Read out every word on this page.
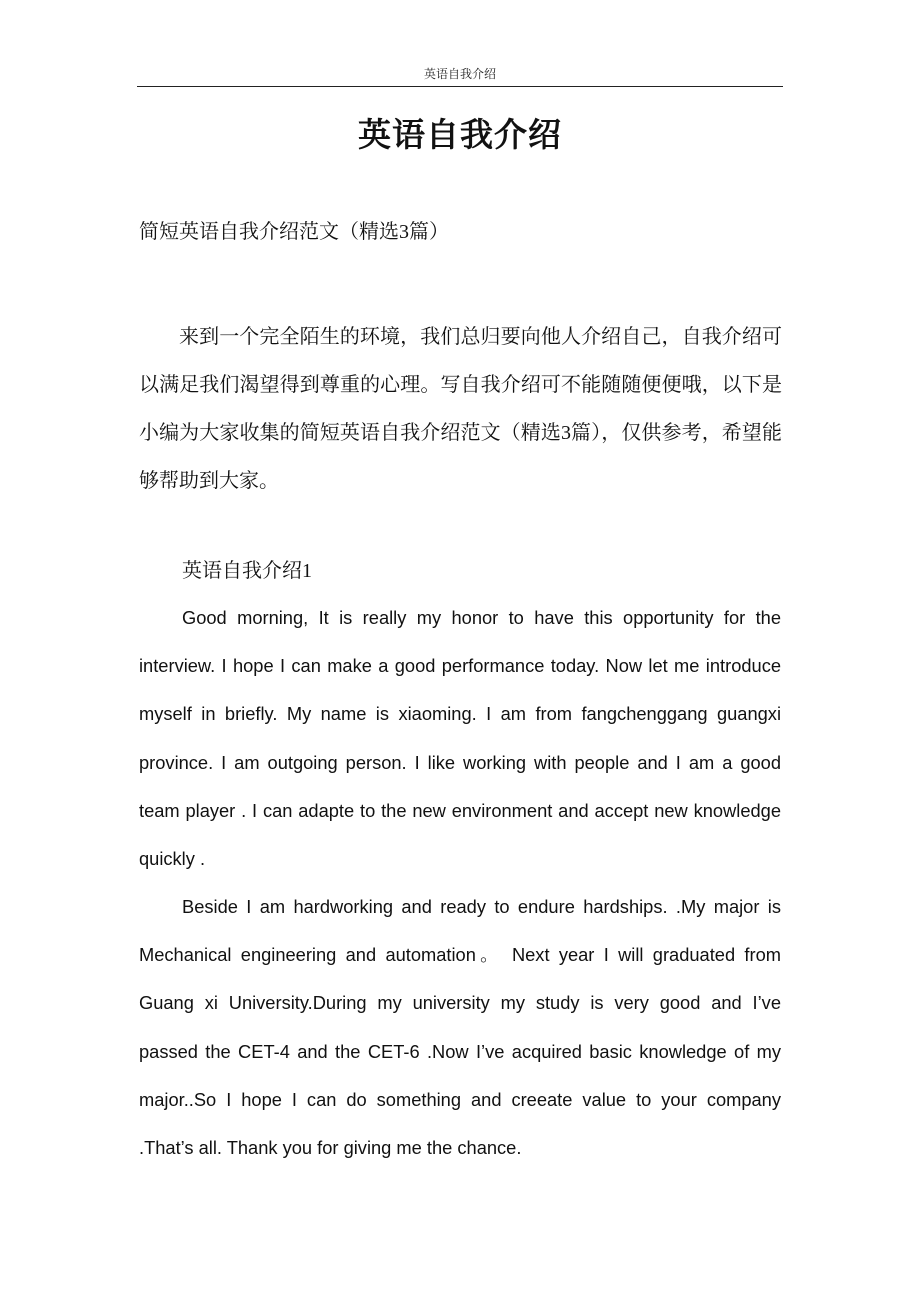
英语自我介绍
英语自我介绍
简短英语自我介绍范文（精选3篇）

来到一个完全陌生的环境，我们总归要向他人介绍自己，自我介绍可以满足我们渴望得到尊重的心理。写自我介绍可不能随随便便哦，以下是小编为大家收集的简短英语自我介绍范文（精选3篇），仅供参考，希望能够帮助到大家。

英语自我介绍1

Good morning, It is really my honor to have this opportunity for the interview. I hope I can make a good performance today. Now let me introduce myself in briefly. My name is xiaoming. I am from fangchenggang guangxi province. I am outgoing person. I like working with people and I am a good team player . I can adapte to the new environment and accept new knowledge quickly .

Beside I am hardworking and ready to endure hardships. .My major is Mechanical engineering and automation。 Next year I will graduated from Guang xi University.During my university my study is very good and I’ve passed the CET-4 and the CET-6 .Now I’ve acquired basic knowledge of my major..So I hope I can do something and creeate value to your company .That’s all. Thank you for giving me the chance.
